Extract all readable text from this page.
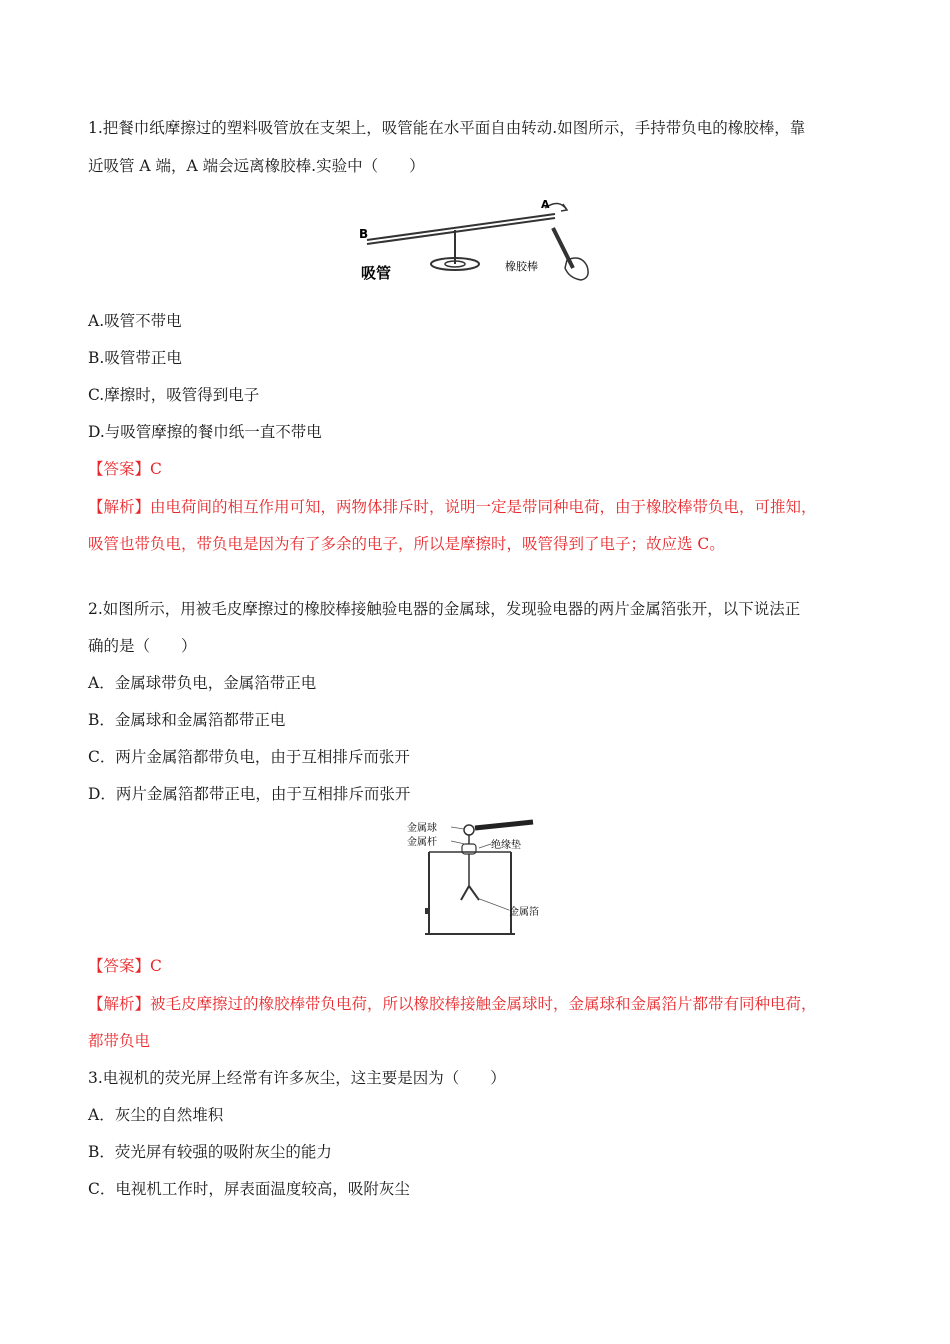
1.把餐巾纸摩擦过的塑料吸管放在支架上，吸管能在水平面自由转动.如图所示，手持带负电的橡胶棒，靠
近吸管 A 端，A 端会远离橡胶棒.实验中（　　）
B
A
吸管	橡胶棒
A.吸管不带电
B.吸管带正电
C.摩擦时，吸管得到电子
D.与吸管摩擦的餐巾纸一直不带电
【答案】C
【解析】由电荷间的相互作用可知，两物体排斥时，说明一定是带同种电荷，由于橡胶棒带负电，可推知，
吸管也带负电，带负电是因为有了多余的电子，所以是摩擦时，吸管得到了电子；故应选 C。
2.如图所示，用被毛皮摩擦过的橡胶棒接触验电器的金属球，发现验电器的两片金属箔张开，以下说法正
确的是（　　）
A．金属球带负电，金属箔带正电
B．金属球和金属箔都带正电
C．两片金属箔都带负电，由于互相排斥而张开
D．两片金属箔都带正电，由于互相排斥而张开
金属球
金属杆	绝缘垫
金属箔
【答案】C
【解析】被毛皮摩擦过的橡胶棒带负电荷，所以橡胶棒接触金属球时，金属球和金属箔片都带有同种电荷，
都带负电
3.电视机的荧光屏上经常有许多灰尘，这主要是因为（　　）
A．灰尘的自然堆积
B．荧光屏有较强的吸附灰尘的能力
C．电视机工作时，屏表面温度较高，吸附灰尘
